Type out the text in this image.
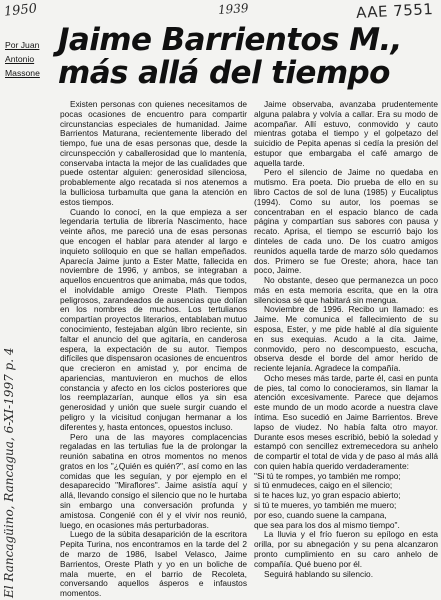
1950	1939	AAE 7551
El Rancagüino, Rancagua, 6-XI-1997 p. 4
Por Juan
Antonio
Massone
Jaime Barrientos M.,
más allá del tiempo

Existen personas con quienes necesitamos de pocas ocasiones de encuentro para compartir circunstancias especiales de humanidad. Jaime Barrientos Maturana, recientemente liberado del tiempo, fue una de esas personas que, desde la circunspección y caballerosidad que lo mantenía, conservaba intacta la mejor de las cualidades que puede ostentar alguien: generosidad silenciosa, probablemente algo recatada si nos atenemos a la bulliciosa turbamulta que gana la atención en estos tiempos.

Cuando lo conocí, en la que empieza a ser legendaria tertulia de librería Nascimento, hace veinte años, me pareció una de esas personas que encogen el hablar para atender al largo e inquieto soliloquio en que se hallan empeñados. Aparecía Jaime junto a Ester Matte, fallecida en noviembre de 1996, y ambos, se integraban a aquellos encuentros que animaba, más que todos, el inolvidable amigo Oreste Plath. Tiempos peligrosos, zarandeados de ausencias que dolían en los nombres de muchos. Los tertulianos compartían proyectos literarios, entablaban mutuo conocimiento, festejaban algún libro reciente, sin faltar el anuncio del que agitaría, en canderosa espera, la expectación de su autor. Tiempos difíciles que dispensaron ocasiones de encuentros que crecieron en amistad y, por encima de apariencias, mantuvieron en muchos de ellos constancia y afecto en los ciclos posteriores que los reemplazarían, aunque ellos ya sin esa generosidad y unión que suele surgir cuando el peligro y la vicisitud conjugan hermanar a los diferentes y, hasta entonces, opuestos incluso.

Pero una de las mayores complacencias regaladas en las tertulias fue la de prolongar la reunión sabatina en otros momentos no menos gratos en los "¿Quién es quién?", así como en las comidas que les seguían, y por ejemplo en el desaparecido "Miraflores". Jaime asistía aquí y allá, llevando consigo el silencio que no le hurtaba sin embargo una conversación profunda y amistosa. Congenié con él y el vivir nos reunió, luego, en ocasiones más perturbadoras.

Luego de la súbita desaparición de la escritora Pepita Turina, nos encontramos en la tarde del 2 de marzo de 1986, Isabel Velasco, Jaime Barrientos, Oreste Plath y yo en un boliche de mala muerte, en el barrio de Recoleta, conversando aquellos ásperos e infaustos momentos.

Jaime observaba, avanzaba prudentemente alguna palabra y volvía a callar. Era su modo de acompañar. Allí estuvo, conmovido y cauto mientras gotaba el tiempo y el golpetazo del suicidio de Pepita apenas si cedía la presión del estupor que embargaba el café amargo de aquella tarde.

Pero el silencio de Jaime no quedaba en mutismo. Era poeta. Dio prueba de ello en su libro Cactos de sol de luna (1985) y Eucaliptus (1994). Como su autor, los poemas se concentraban en el espacio blanco de cada página y compartían sus sabores con pausa y recato. Aprisa, el tiempo se escurrió bajo los dinteles de cada uno. De los cuatro amigos reunidos aquella tarde de marzo sólo quedamos dos. Primero se fue Oreste; ahora, hace tan poco, Jaime.

No obstante, deseo que permanezca un poco más en esta memoria escrita, que en la otra silenciosa sé que habitará sin mengua.

Noviembre de 1996. Recibo un llamado: es Jaime. Me comunica el fallecimiento de su esposa, Ester, y me pide hablé al día siguiente en sus exequias. Acudo a la cita. Jaime, conmovido, pero no descompuesto, escucha, observa desde el borde del amor herido de reciente lejanía. Agradece la compañía.

Ocho meses más tarde, parte él, casi en punta de pies, tal como lo conocieramos, sin llamar la atención excesivamente. Parece que dejamos este mundo de un modo acorde a nuestra clave íntima. Eso sucedió en Jaime Barrientos. Breve lapso de viudez. No había falta otro mayor. Durante esos meses escribió, bebió la soledad y estampó con sencillez extremecedora su anhelo de compartir el total de vida y de paso al más allá con quien había querido verdaderamente:

"Si tú te rompes, yo también me rompo;

si tú enmudeces, caigo en el silencio;

si te haces luz, yo gran espacio abierto;

si tú te mueres, yo también me muero;

por eso, cuando suene la campana,

que sea para los dos al mismo tiempo".

La lluvia y el frío fueron su epílogo en esta orilla, por su abnegación y su pena alcanzaron pronto cumplimiento en su caro anhelo de compañía. Qué bueno por él.

Seguirá hablando su silencio.
